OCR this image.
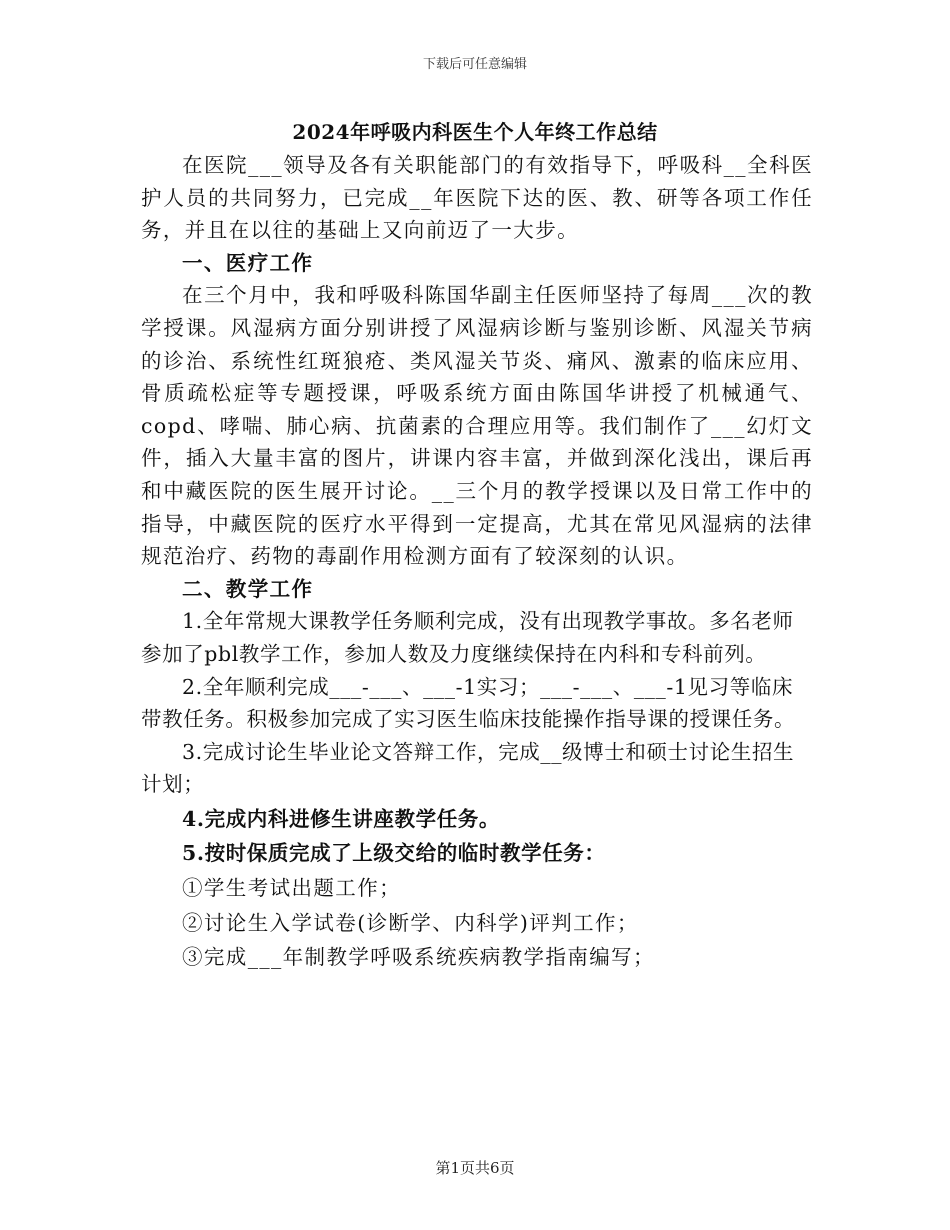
下载后可任意编辑
2024年呼吸内科医生个人年终工作总结

在医院___领导及各有关职能部门的有效指导下，呼吸科__全科医护人员的共同努力，已完成__年医院下达的医、教、研等各项工作任务，并且在以往的基础上又向前迈了一大步。

一、医疗工作

在三个月中，我和呼吸科陈国华副主任医师坚持了每周___次的教学授课。风湿病方面分别讲授了风湿病诊断与鉴别诊断、风湿关节病的诊治、系统性红斑狼疮、类风湿关节炎、痛风、激素的临床应用、骨质疏松症等专题授课，呼吸系统方面由陈国华讲授了机械通气、copd、哮喘、肺心病、抗菌素的合理应用等。我们制作了___幻灯文件，插入大量丰富的图片，讲课内容丰富，并做到深化浅出，课后再和中藏医院的医生展开讨论。__三个月的教学授课以及日常工作中的指导，中藏医院的医疗水平得到一定提高，尤其在常见风湿病的法律规范治疗、药物的毒副作用检测方面有了较深刻的认识。

二、教学工作

1.全年常规大课教学任务顺利完成，没有出现教学事故。多名老师参加了pbl教学工作，参加人数及力度继续保持在内科和专科前列。

2.全年顺利完成___-___、___-1实习；___-___、___-1见习等临床带教任务。积极参加完成了实习医生临床技能操作指导课的授课任务。

3.完成讨论生毕业论文答辩工作，完成__级博士和硕士讨论生招生计划；

4.完成内科进修生讲座教学任务。

5.按时保质完成了上级交给的临时教学任务：

①学生考试出题工作；

②讨论生入学试卷(诊断学、内科学)评判工作；

③完成___年制教学呼吸系统疾病教学指南编写；

第1页共6页
